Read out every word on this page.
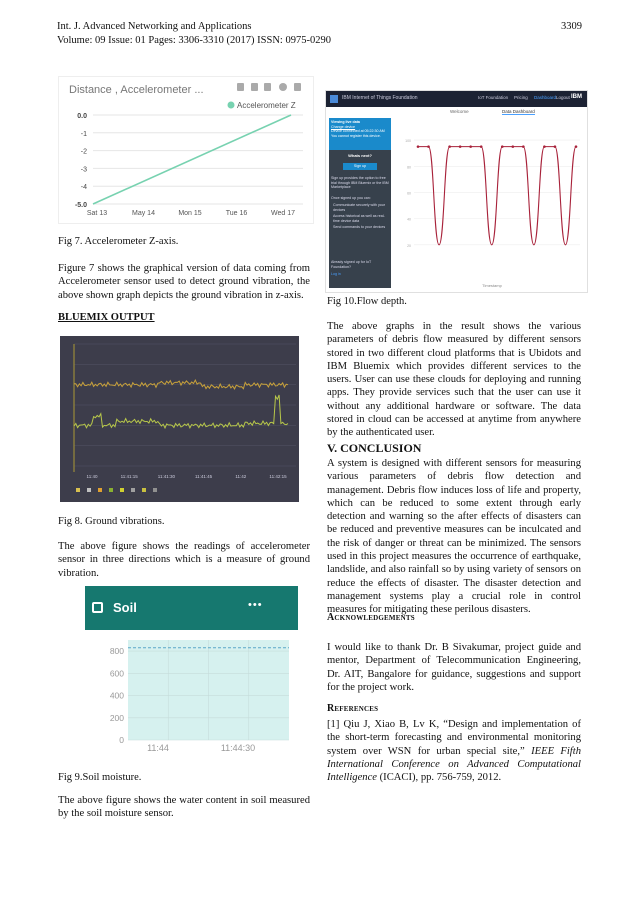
Int. J. Advanced Networking and Applications	3309
Volume: 09 Issue: 01 Pages: 3306-3310 (2017) ISSN: 0975-0290
Distance , Accelerometer ...
Accelerometer Z
0.0
-1
-2
-3
-4
-5.0
Sat 13	May 14	Mon 15	Tue 16	Wed 17
Fig 7. Accelerometer Z-axis.
Figure 7 shows the graphical version of data coming from Accelerometer sensor used to detect ground vibration, the above shown graph depicts the ground vibration in z-axis.
BLUEMIX OUTPUT
11:40	11:41:15	11:41:30	11:41:45	11:42	11:42:15
Fig 8. Ground vibrations.
The above figure shows the readings of accelerometer sensor in three directions which is a measure of ground vibration.
Soil	•••
800
600
400
200
0
11:44	11:44:30
Fig 9.Soil moisture.
The above figure shows the water content in soil measured by the soil moisture sensor.
IBM Internet of Things Foundation	IoT Foundation Pricing Dashboard Logout IBM
Welcome	Data Dashboard

Viewing live data

Change device

Device connected at 05:22:30 AM

You cannot register this device.

Whats next?
Sign up
Sign up provides the option to free trial through IBM Bluemix or the IBM Marketplace
Once signed up you can:
Communicate securely with your devices
Access historical as well as real-time device data
Send commands to your devices
Already signed up for IoT Foundation?
Log in
100
80
60
40
20
Timestamp
Fig 10.Flow depth.
The above graphs in the result shows the various parameters of debris flow measured by different sensors stored in two different cloud platforms that is Ubidots and IBM Bluemix which provides different services to the users. User can use these clouds for deploying and running apps. They provide services such that the user can use it without any additional hardware or software. The data stored in cloud can be accessed at anytime from anywhere by the authenticated user.
V. CONCLUSION
A system is designed with different sensors for measuring various parameters of debris flow detection and management. Debris flow induces loss of life and property, which can be reduced to some extent through early detection and warning so the after effects of disasters can be reduced and preventive measures can be inculcated and the risk of danger or threat can be minimized. The sensors used in this project measures the occurrence of earthquake, landslide, and also rainfall so by using variety of sensors on reduce the effects of disaster. The disaster detection and management systems play a crucial role in control measures for mitigating these perilous disasters.
Acknowledgements
I would like to thank Dr. B Sivakumar, project guide and mentor, Department of Telecommunication Engineering, Dr. AIT, Bangalore for guidance, suggestions and support for the project work.
References
[1] Qiu J, Xiao B, Lv K, “Design and implementation of the short-term forecasting and environmental monitoring system over WSN for urban special site,” IEEE Fifth International Conference on Advanced Computational Intelligence (ICACI), pp. 756-759, 2012.
